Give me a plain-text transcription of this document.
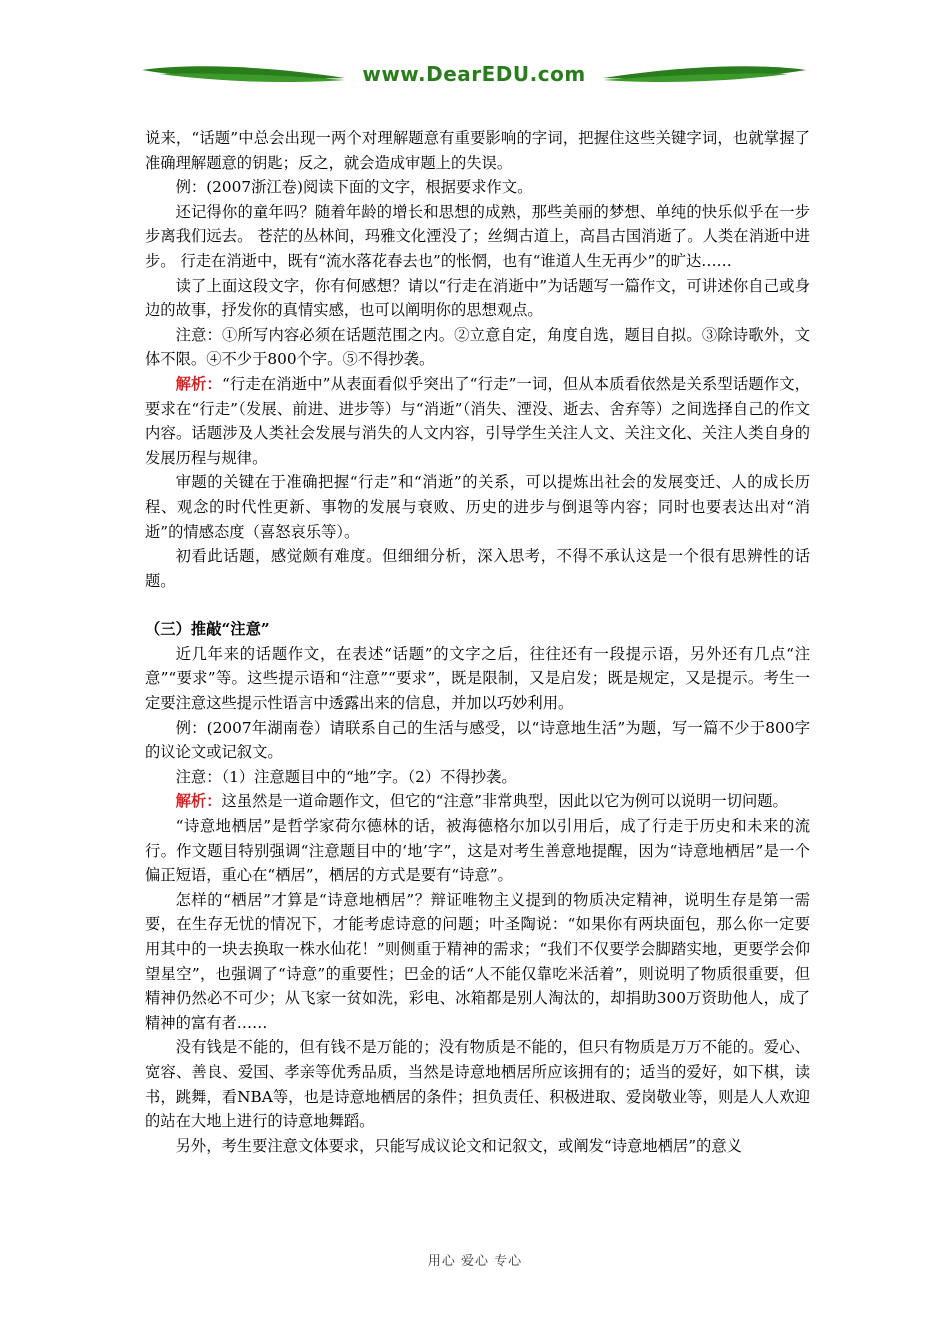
www.DearEDU.com

说来，“话题”中总会出现一两个对理解题意有重要影响的字词，把握住这些关键字词，也就掌握了准确理解题意的钥匙；反之，就会造成审题上的失误。

例：(2007浙江卷)阅读下面的文字，根据要求作文。

还记得你的童年吗？随着年龄的增长和思想的成熟，那些美丽的梦想、单纯的快乐似乎在一步步离我们远去。 苍茫的丛林间，玛雅文化湮没了；丝绸古道上，高昌古国消逝了。人类在消逝中进步。 行走在消逝中，既有“流水落花春去也”的怅惘，也有“谁道人生无再少”的旷达……

读了上面这段文字，你有何感想？请以“行走在消逝中”为话题写一篇作文，可讲述你自己或身边的故事，抒发你的真情实感，也可以阐明你的思想观点。

注意：①所写内容必须在话题范围之内。②立意自定，角度自选，题目自拟。③除诗歌外，文体不限。④不少于800个字。⑤不得抄袭。

解析：“行走在消逝中”从表面看似乎突出了“行走”一词，但从本质看依然是关系型话题作文，要求在“行走”（发展、前进、进步等）与“消逝”（消失、湮没、逝去、舍弃等）之间选择自己的作文内容。话题涉及人类社会发展与消失的人文内容，引导学生关注人文、关注文化、关注人类自身的发展历程与规律。

审题的关键在于准确把握“行走”和“消逝”的关系，可以提炼出社会的发展变迁、人的成长历程、观念的时代性更新、事物的发展与衰败、历史的进步与倒退等内容；同时也要表达出对“消逝”的情感态度（喜怒哀乐等）。

初看此话题，感觉颇有难度。但细细分析，深入思考，不得不承认这是一个很有思辨性的话题。

（三）推敲“注意”

近几年来的话题作文，在表述“话题”的文字之后，往往还有一段提示语，另外还有几点“注意”“要求”等。这些提示语和“注意”“要求”，既是限制，又是启发；既是规定，又是提示。考生一定要注意这些提示性语言中透露出来的信息，并加以巧妙利用。

例：(2007年湖南卷）请联系自己的生活与感受，以“诗意地生活”为题，写一篇不少于800字的议论文或记叙文。

注意：（1）注意题目中的“地”字。（2）不得抄袭。

解析：这虽然是一道命题作文，但它的“注意”非常典型，因此以它为例可以说明一切问题。

“诗意地栖居”是哲学家荷尔德林的话，被海德格尔加以引用后，成了行走于历史和未来的流行。作文题目特别强调“注意题目中的‘地’字”，这是对考生善意地提醒，因为“诗意地栖居”是一个偏正短语，重心在“栖居”，栖居的方式是要有“诗意”。

怎样的“栖居”才算是“诗意地栖居”？辩证唯物主义提到的物质决定精神，说明生存是第一需要，在生存无忧的情况下，才能考虑诗意的问题；叶圣陶说：“如果你有两块面包，那么你一定要用其中的一块去换取一株水仙花！”则侧重于精神的需求；“我们不仅要学会脚踏实地，更要学会仰望星空”，也强调了“诗意”的重要性；巴金的话“人不能仅靠吃米活着”，则说明了物质很重要，但精神仍然必不可少；从飞家一贫如洗，彩电、冰箱都是别人淘汰的，却捐助300万资助他人，成了精神的富有者……

没有钱是不能的，但有钱不是万能的；没有物质是不能的，但只有物质是万万不能的。爱心、宽容、善良、爱国、孝亲等优秀品质，当然是诗意地栖居所应该拥有的；适当的爱好，如下棋，读书，跳舞，看NBA等，也是诗意地栖居的条件；担负责任、积极进取、爱岗敬业等，则是人人欢迎的站在大地上进行的诗意地舞蹈。

另外，考生要注意文体要求，只能写成议论文和记叙文，或阐发“诗意地栖居”的意义

用心 爱心 专心
